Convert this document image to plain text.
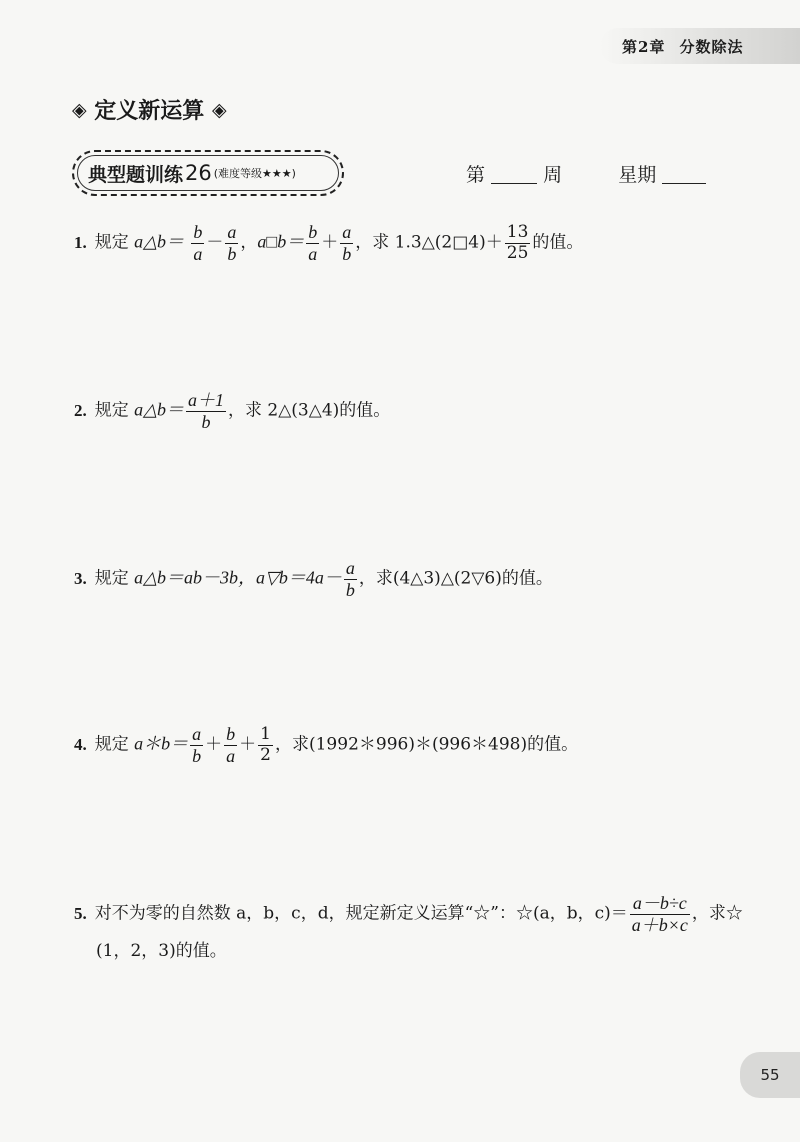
第2章 分数除法
◈ 定义新运算 ◈
典型题训练 26 (难度等级★★★)	第	周	星期
1. 规定 a△b＝ $\frac{b}{a} - \frac{a}{b}$ ，a□b＝ $\frac{b}{a} + \frac{a}{b}$ ，求 1.3△(2□4)＋ $\frac{13}{25}$ 的值。
2. 规定 a△b＝ $\frac{a+1}{b}$ ，求 2△(3△4)的值。
3. 规定 a△b＝ab－3b，a▽b＝4a－ $\frac{a}{b}$ ，求(4△3)△(2▽6)的值。
4. 规定 a＊b＝ $\frac{a}{b} + \frac{b}{a} + \frac{1}{2}$ ，求(1992＊996)＊(996＊498)的值。
5. 对不为零的自然数 a，b，c，d，规定新定义运算“☆”：☆(a，b，$c)= \frac{a-b\div c}{a+b\times c}$ ，求☆
(1，2，3)的值。
55
